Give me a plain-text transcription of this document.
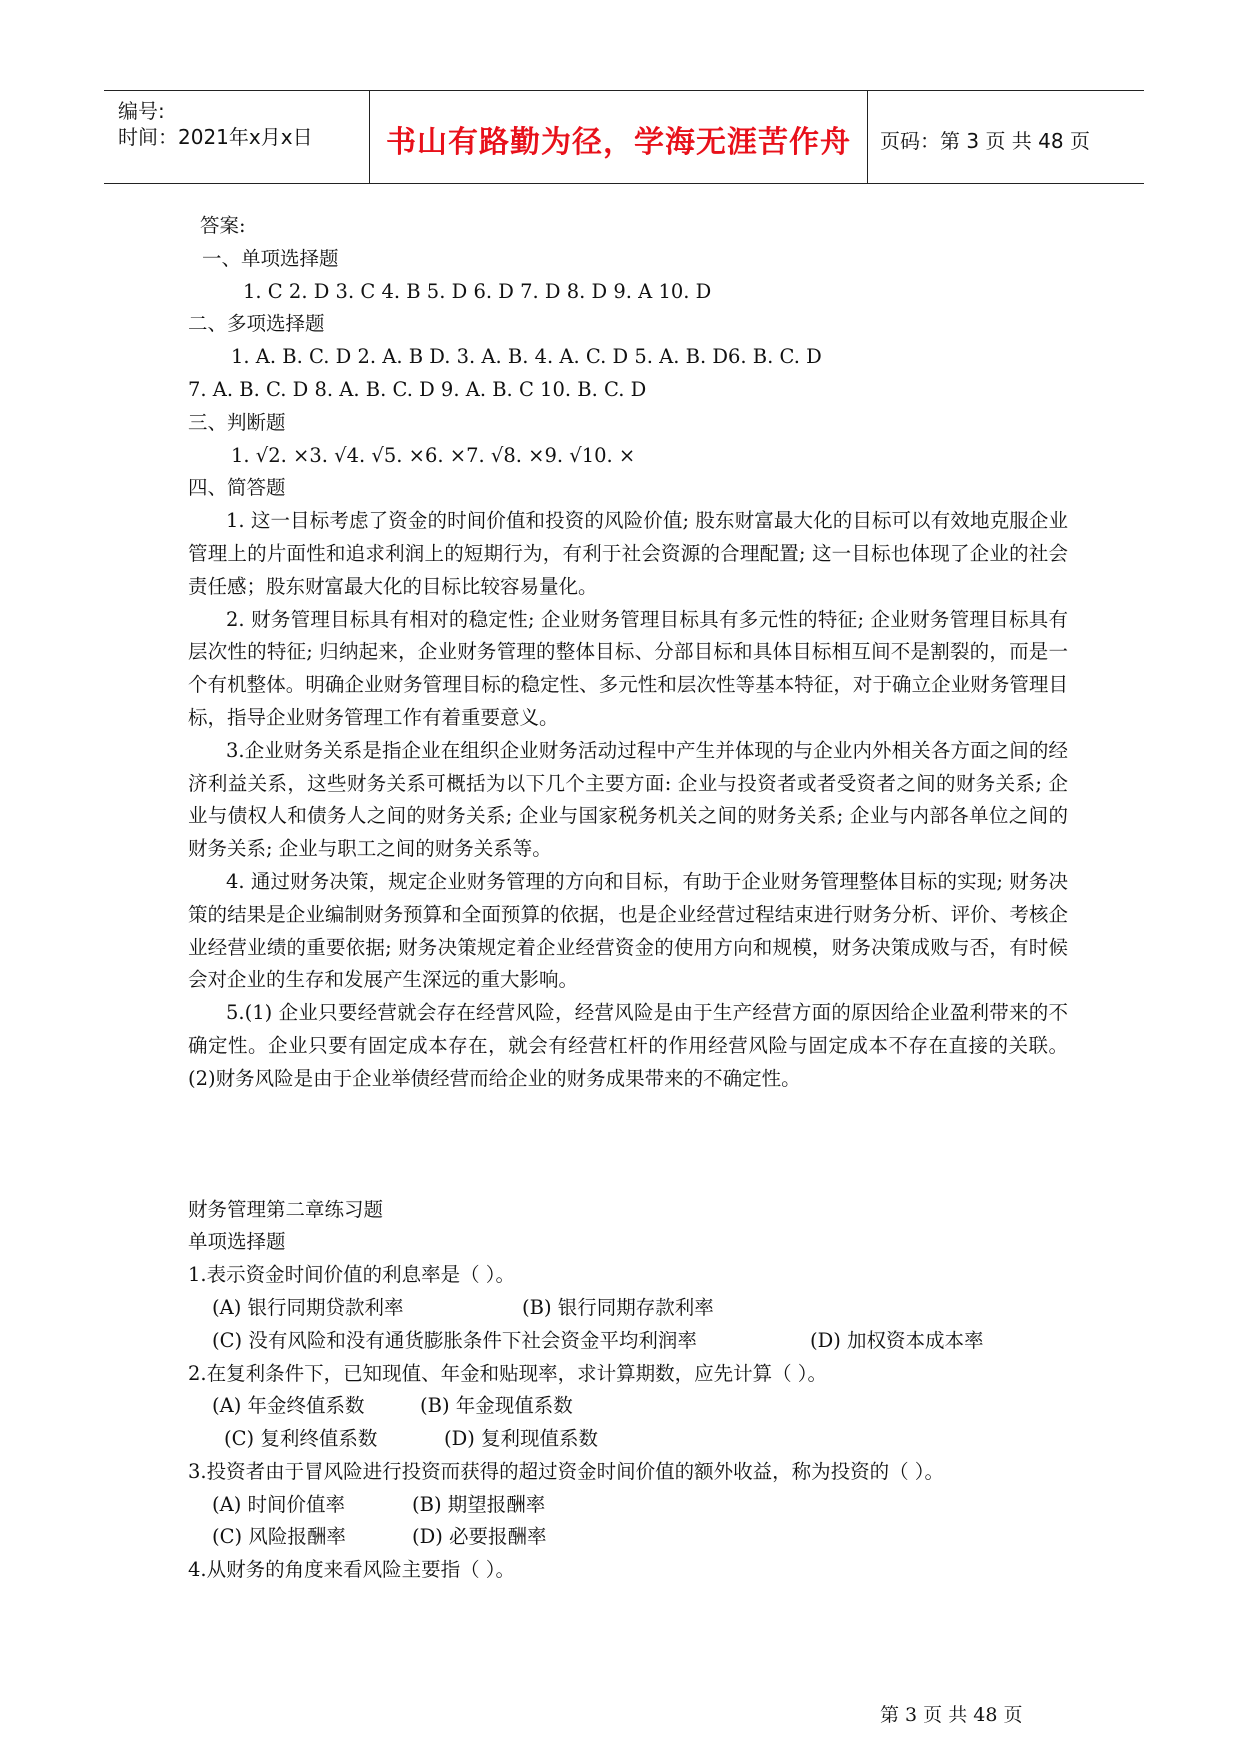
编号:
时间：2021年x月x日	书山有路勤为径，学海无涯苦作舟	页码：第 3 页 共 48 页
答案:
一、单项选择题
1. C 2. D 3. C 4. B 5. D 6. D 7. D 8. D 9. A 10. D
二、多项选择题
1. A. B. C. D 2. A. B D. 3. A. B. 4. A. C. D 5. A. B. D6. B. C. D
7. A. B. C. D 8. A. B. C. D 9. A. B. C 10. B. C. D
三、判断题
1. √2. ×3. √4. √5. ×6. ×7. √8. ×9. √10. ×
四、简答题

1. 这一目标考虑了资金的时间价值和投资的风险价值; 股东财富最大化的目标可以有效地克服企业管理上的片面性和追求利润上的短期行为，有利于社会资源的合理配置; 这一目标也体现了企业的社会责任感；股东财富最大化的目标比较容易量化。

2. 财务管理目标具有相对的稳定性; 企业财务管理目标具有多元性的特征; 企业财务管理目标具有层次性的特征; 归纳起来，企业财务管理的整体目标、分部目标和具体目标相互间不是割裂的，而是一个有机整体。明确企业财务管理目标的稳定性、多元性和层次性等基本特征，对于确立企业财务管理目标，指导企业财务管理工作有着重要意义。

3.企业财务关系是指企业在组织企业财务活动过程中产生并体现的与企业内外相关各方面之间的经济利益关系，这些财务关系可概括为以下几个主要方面: 企业与投资者或者受资者之间的财务关系; 企业与债权人和债务人之间的财务关系; 企业与国家税务机关之间的财务关系; 企业与内部各单位之间的财务关系; 企业与职工之间的财务关系等。

4. 通过财务决策，规定企业财务管理的方向和目标，有助于企业财务管理整体目标的实现; 财务决策的结果是企业编制财务预算和全面预算的依据，也是企业经营过程结束进行财务分析、评价、考核企业经营业绩的重要依据; 财务决策规定着企业经营资金的使用方向和规模，财务决策成败与否，有时候会对企业的生存和发展产生深远的重大影响。

5.(1) 企业只要经营就会存在经营风险，经营风险是由于生产经营方面的原因给企业盈利带来的不确定性。企业只要有固定成本存在，就会有经营杠杆的作用经营风险与固定成本不存在直接的关联。(2)财务风险是由于企业举债经营而给企业的财务成果带来的不确定性。

财务管理第二章练习题
单项选择题
1.表示资金时间价值的利息率是（ ）。
(A) 银行同期贷款利率	(B) 银行同期存款利率
(C) 没有风险和没有通货膨胀条件下社会资金平均利润率	(D) 加权资本成本率
2.在复利条件下，已知现值、年金和贴现率，求计算期数，应先计算（ ）。
(A) 年金终值系数	(B) 年金现值系数
(C) 复利终值系数	(D) 复利现值系数
3.投资者由于冒风险进行投资而获得的超过资金时间价值的额外收益，称为投资的（ ）。
(A) 时间价值率	(B) 期望报酬率
(C) 风险报酬率	(D) 必要报酬率
4.从财务的角度来看风险主要指（ ）。
第 3 页 共 48 页
